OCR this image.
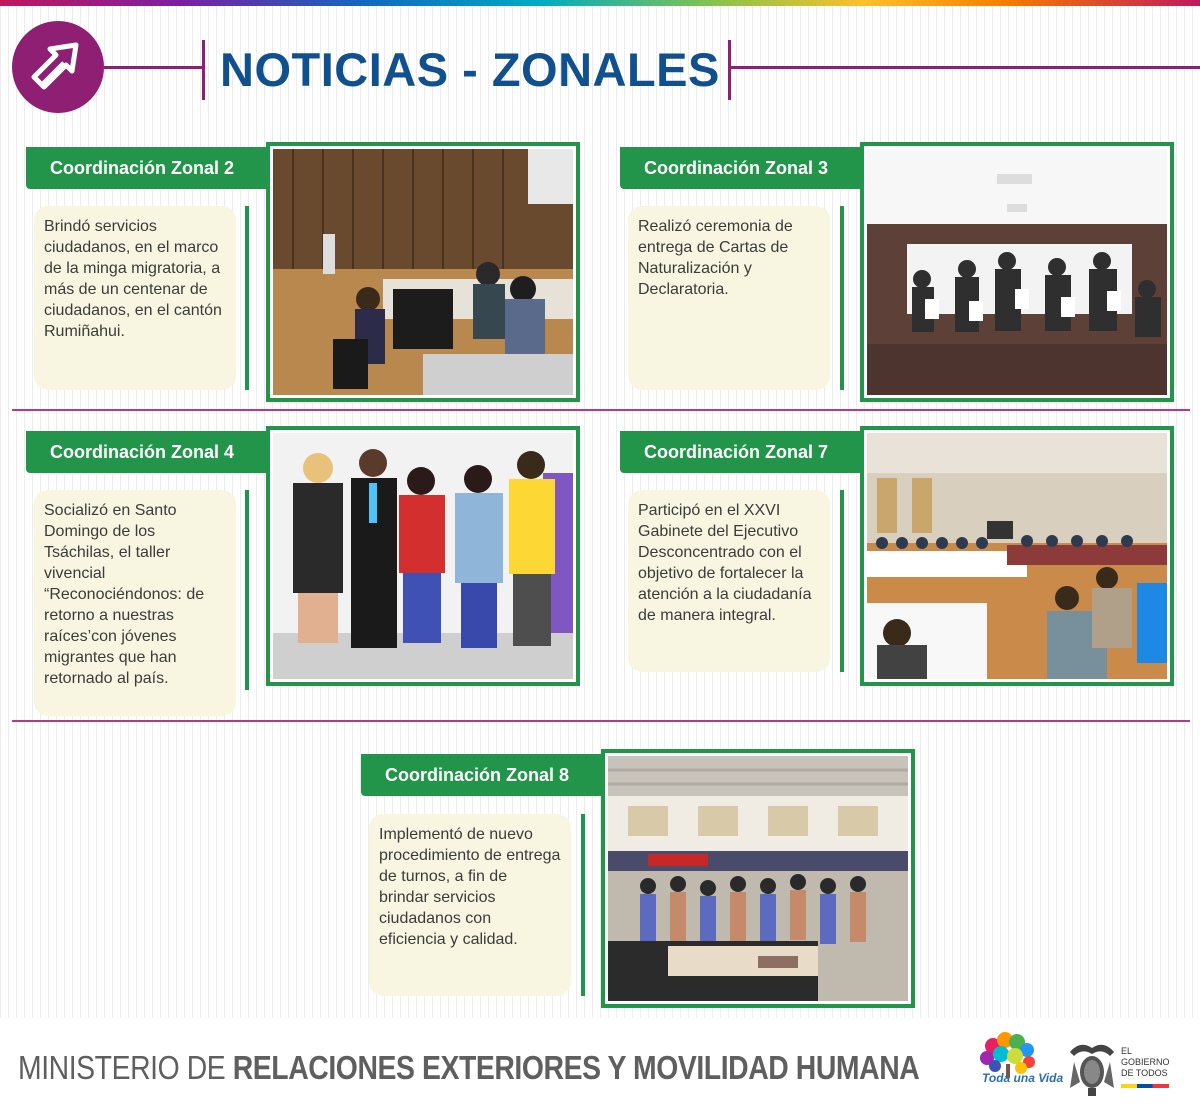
NOTICIAS - ZONALES
Brindó servicios ciudadanos, en el marco de la minga migratoria, a más de un centenar de ciudadanos, en el cantón Rumiñahui.
Coordinación Zonal 2
Realizó ceremonia de entrega de Cartas de Naturalización y Declaratoria.
Coordinación Zonal 3
Socializó en Santo Domingo de los Tsáchilas, el taller vivencial “Reconociéndonos: de retorno a nuestras raíces’con jóvenes migrantes que han retornado al país.
Coordinación Zonal 4
Participó en el XXVI Gabinete del Ejecutivo Desconcentrado con el objetivo de fortalecer la atención a la ciudadanía de manera integral.
Coordinación Zonal 7
Implementó de nuevo procedimiento de entrega de turnos, a fin de brindar servicios ciudadanos con eficiencia y calidad.
Coordinación Zonal 8
MINISTERIO DE RELACIONES EXTERIORES Y MOVILIDAD HUMANA	Toda una Vida
EL
GOBIERNO
DE TODOS
